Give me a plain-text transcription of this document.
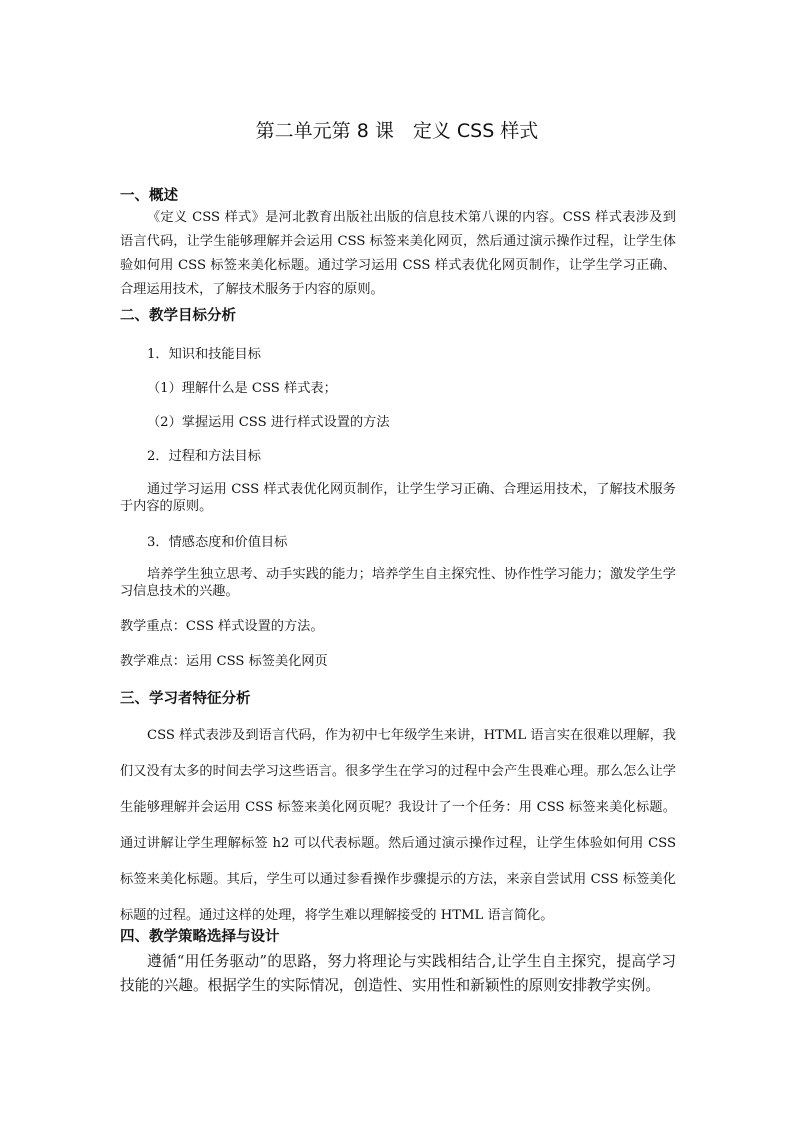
第二单元第 8 课　定义 CSS 样式
一、概述

《定义 CSS 样式》是河北教育出版社出版的信息技术第八课的内容。CSS 样式表涉及到语言代码，让学生能够理解并会运用 CSS 标签来美化网页，然后通过演示操作过程，让学生体验如何用 CSS 标签来美化标题。通过学习运用 CSS 样式表优化网页制作，让学生学习正确、合理运用技术，了解技术服务于内容的原则。

二、教学目标分析
1．知识和技能目标
（1）理解什么是 CSS 样式表；
（2）掌握运用 CSS 进行样式设置的方法
2．过程和方法目标

通过学习运用 CSS 样式表优化网页制作，让学生学习正确、合理运用技术，了解技术服务于内容的原则。

3．情感态度和价值目标

培养学生独立思考、动手实践的能力；培养学生自主探究性、协作性学习能力；激发学生学习信息技术的兴趣。

教学重点：CSS 样式设置的方法。
教学难点：运用 CSS 标签美化网页
三、学习者特征分析

CSS 样式表涉及到语言代码，作为初中七年级学生来讲，HTML 语言实在很难以理解，我们又没有太多的时间去学习这些语言。很多学生在学习的过程中会产生畏难心理。那么怎么让学生能够理解并会运用 CSS 标签来美化网页呢？我设计了一个任务：用 CSS 标签来美化标题。通过讲解让学生理解标签 h2 可以代表标题。然后通过演示操作过程，让学生体验如何用 CSS 标签来美化标题。其后，学生可以通过参看操作步骤提示的方法，来亲自尝试用 CSS 标签美化标题的过程。通过这样的处理，将学生难以理解接受的 HTML 语言简化。

四、教学策略选择与设计

遵循“用任务驱动”的思路，努力将理论与实践相结合,让学生自主探究，提高学习技能的兴趣。根据学生的实际情况，创造性、实用性和新颖性的原则安排教学实例。
